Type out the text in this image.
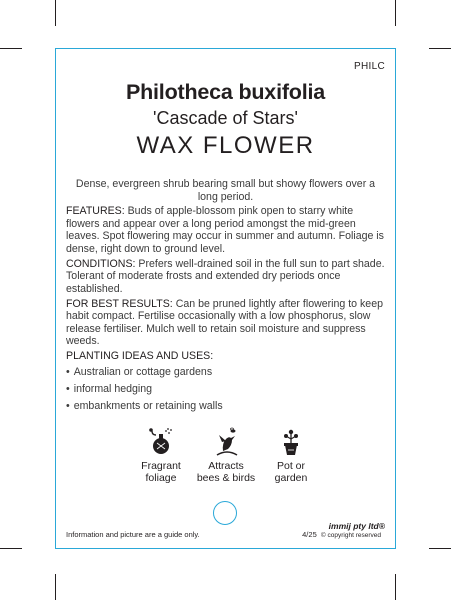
PHILC
Philotheca buxifolia
'Cascade of Stars'
WAX FLOWER
Dense, evergreen shrub bearing small but showy flowers over a long period.

FEATURES: Buds of apple-blossom pink open to starry white flowers and appear over a long period amongst the mid-green leaves. Spot flowering may occur in summer and autumn. Foliage is dense, right down to ground level.

CONDITIONS: Prefers well-drained soil in the full sun to part shade. Tolerant of moderate frosts and extended dry periods once established.

FOR BEST RESULTS: Can be pruned lightly after flowering to keep habit compact. Fertilise occasionally with a low phosphorus, slow release fertiliser. Mulch well to retain soil moisture and suppress weeds.

PLANTING IDEAS AND USES:
• Australian or cottage gardens
• informal hedging
• embankments or retaining walls
Fragrant
foliage
Attracts
bees & birds
Pot or
garden
immij pty ltd®
Information and picture are a guide only.	4/25 © copyright reserved
